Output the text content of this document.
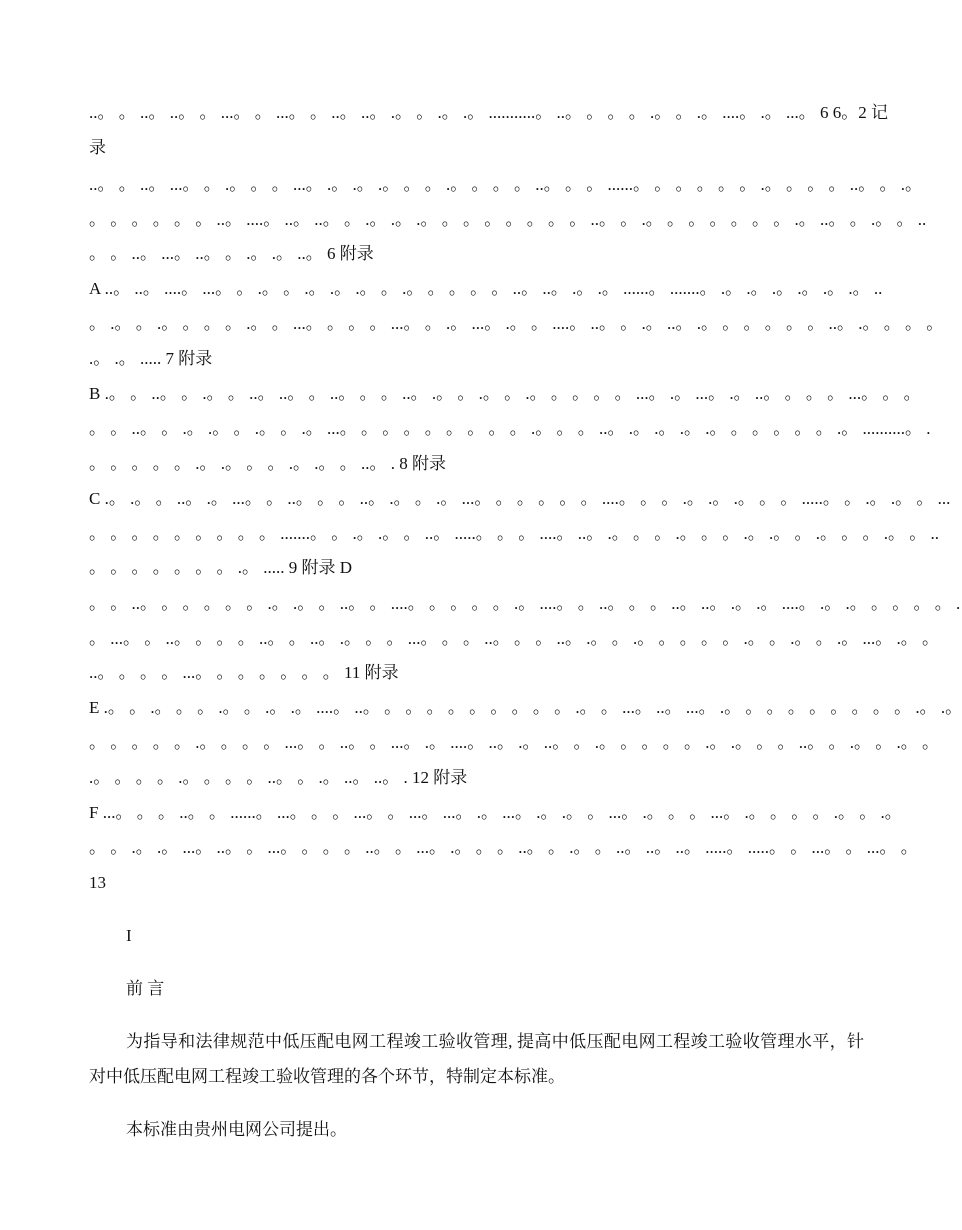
..。 。 ..。 ..。 。 ...。 。 ...。 。 ..。 ..。 .。 。 .。 .。 ...........。 ..。 。 。 。 .。 。 .。 ....。 .。 ...。 6 6。2 记
录
..。 。 ..。 ...。 。 .。 。 。 ...。 .。 .。 .。 。 。 .。 。 。 。 ..。 。 。 ......。 。 。 。 。 。 .。 。 。 。 ..。 。 .。
。 。 。 。 。 。 ..。 ....。 ..。 ..。 。 .。 .。 .。 。 。 。 。 。 。 。 ..。 。 .。 。 。 。 。 。 。 .。 ..。 。 .。 。 ..
。 。 ..。 ...。 ..。 。 .。 .。 ..。 6 附录
A ..。 ..。 ....。 ...。 。 .。 。 .。 .。 .。 。 .。 。 。 。 。 ..。 ..。 .。 .。 ......。 .......。 .。 .。 .。 .。 .。 .。 ..
。 .。 。 .。 。 。 。 .。 。 ...。 。 。 。 ...。 。 .。 ...。 .。 。 ....。 ..。 。 .。 ..。 .。 。 。 。 。 。 ..。 .。 。 。 。
.。 .。 ..... 7 附录
B .。 。 ..。 。 .。 。 ..。 ..。 。 ..。 。 。 ..。 .。 。 .。 。 .。 。 。 。 。 ...。 .。 ...。 .。 ..。 。 。 。 ...。 。 。
。 。 ..。 。 .。 .。 。 .。 。 .。 ...。 。 。 。 。 。 。 。 。 .。 。 。 ..。 .。 .。 .。 .。 。 。 。 。 。 .。 ..........。 .
。 。 。 。 。 .。 .。 。 。 .。 .。 。 ..。 . 8 附录
C .。 .。 。 ..。 .。 ...。 。 ..。 。 。 ..。 .。 。 .。 ...。 。 。 。 。 。 ....。 。 。 .。 .。 .。 。 。 .....。 。 .。 .。 。 ...
。 。 。 。 。 。 。 。 。 .......。 。 .。 .。 。 ..。 .....。 。 。 ....。 ..。 .。 。 。 .。 。 。 .。 .。 。 .。 。 。 .。 。 ..
。 。 。 。 。 。 。 .。 ..... 9 附录 D
。 。 ..。 。 。 。 。 。 .。 .。 。 ..。 。 ....。 。 。 。 。 .。 ....。 。 ..。 。 。 ..。 ..。 .。 .。 ....。 .。 .。 。 。 。 。 .
。 ...。 。 ..。 。 。 。 ..。 。 ..。 .。 。 。 ...。 。 。 ..。 。 。 ..。 .。 。 .。 。 。 。 。 .。 。 .。 。 .。 ...。 .。 。
..。 。 。 。 ...。 。 。 。 。 。 。 11 附录
E .。 。 .。 。 。 .。 。 .。 .。 ....。 ..。 。 。 。 。 。 。 。 。 。 .。 。 ...。 ..。 ...。 .。 。 。 。 。 。 。 。 。 .。 .。
。 。 。 。 。 .。 。 。 。 ...。 。 ..。 。 ...。 .。 ....。 ..。 .。 ..。 。 .。 。 。 。 。 .。 .。 。 。 ..。 。 .。 。 .。 。
.。 。 。 。 .。 。 。 。 ..。 。 .。 ..。 ..。 . 12 附录
F ...。 。 。 ..。 。 ......。 ...。 。 。 ...。 。 ...。 ...。 .。 ...。 .。 .。 。 ...。 .。 。 。 ...。 .。 。 。 。 .。 。 .。
。 。 .。 .。 ...。 ..。 。 ...。 。 。 。 ..。 。 ...。 .。 。 。 ..。 。 .。 。 ..。 ..。 ..。 .....。 .....。 。 ...。 。 ...。 。
13
I
前 言
为指导和法律规范中低压配电网工程竣工验收管理, 提高中低压配电网工程竣工验收管理水平，针对中低压配电网工程竣工验收管理的各个环节，特制定本标准。
本标准由贵州电网公司提出。
